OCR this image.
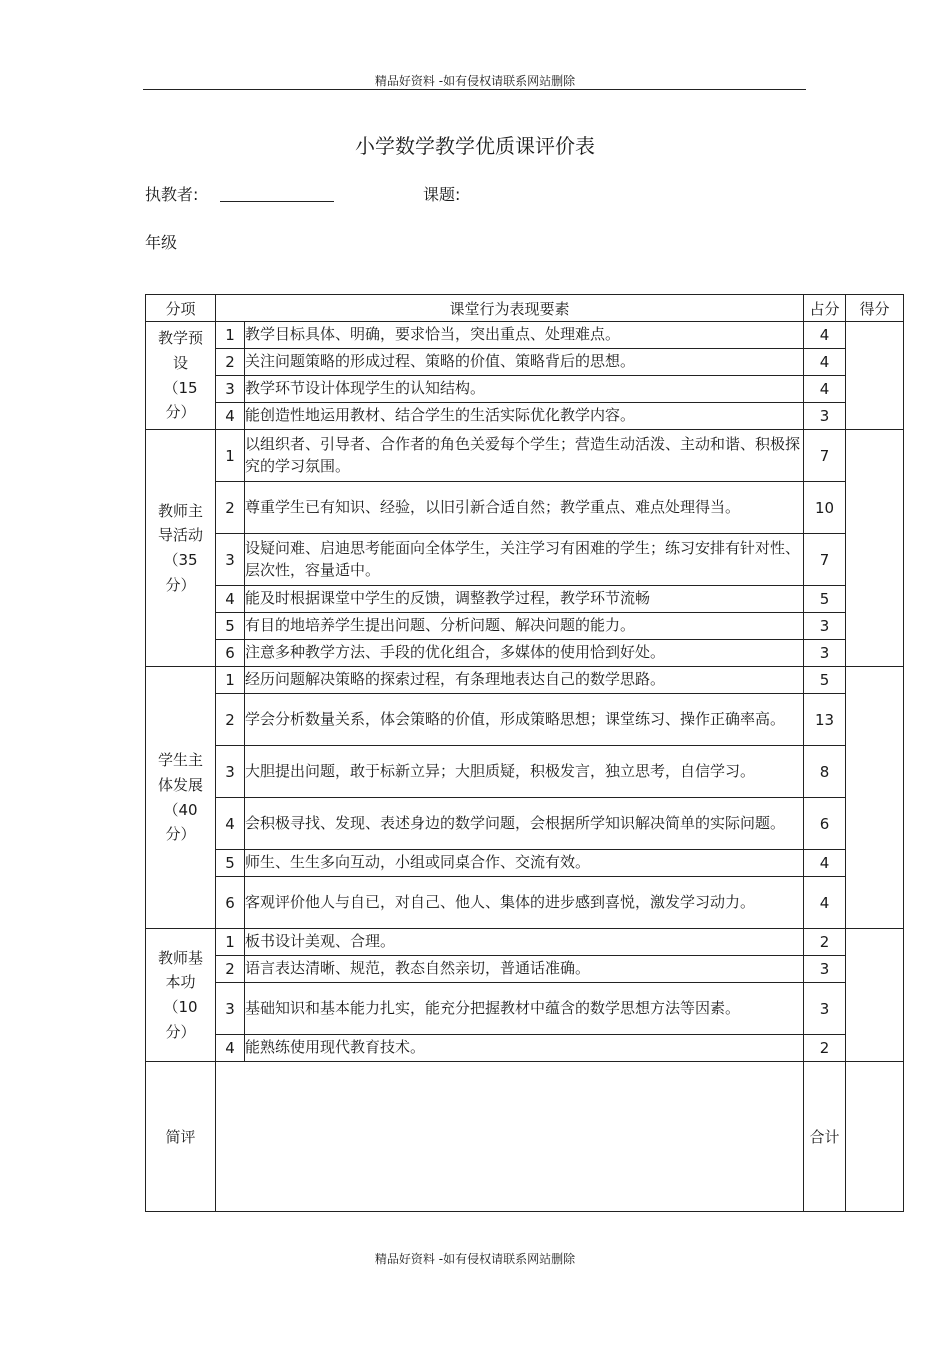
精品好资料 -如有侵权请联系网站删除
小学数学教学优质课评价表
执教者:	课题:
年级
分项	课堂行为表现要素		占分	得分

教学预
设
（15
分）	1	教学目标具体、明确，要求恰当，突出重点、处理难点。	4	
	2	关注问题策略的形成过程、策略的价值、策略背后的思想。	4	
	3	教学环节设计体现学生的认知结构。	4	
	4	能创造性地运用教材、结合学生的生活实际优化教学内容。	3	

教师主
导活动
（35
分）	1	以组织者、引导者、合作者的角色关爱每个学生；营造生动活泼、主动和谐、积极探究的学习氛围。	7	
	2	尊重学生已有知识、经验，以旧引新合适自然；教学重点、难点处理得当。	10	
	3	设疑问难、启迪思考能面向全体学生，关注学习有困难的学生；练习安排有针对性、层次性，容量适中。	7	
	4	能及时根据课堂中学生的反馈，调整教学过程，教学环节流畅	5	
	5	有目的地培养学生提出问题、分析问题、解决问题的能力。	3	
	6	注意多种教学方法、手段的优化组合，多媒体的使用恰到好处。	3	

学生主
体发展
（40
分）	1	经历问题解决策略的探索过程，有条理地表达自己的数学思路。	5	
	2	学会分析数量关系，体会策略的价值，形成策略思想；课堂练习、操作正确率高。	13	
	3	大胆提出问题，敢于标新立异；大胆质疑，积极发言，独立思考，自信学习。	8	
	4	会积极寻找、发现、表述身边的数学问题，会根据所学知识解决简单的实际问题。	6	
	5	师生、生生多向互动，小组或同桌合作、交流有效。	4	
	6	客观评价他人与自已，对自己、他人、集体的进步感到喜悦，激发学习动力。	4	

教师基
本功
（10
分）	1	板书设计美观、合理。	2	
	2	语言表达清晰、规范，教态自然亲切，普通话准确。	3	
	3	基础知识和基本能力扎实，能充分把握教材中蕴含的数学思想方法等因素。	3	
	4	能熟练使用现代教育技术。	2	
简评			合计	
精品好资料 -如有侵权请联系网站删除
